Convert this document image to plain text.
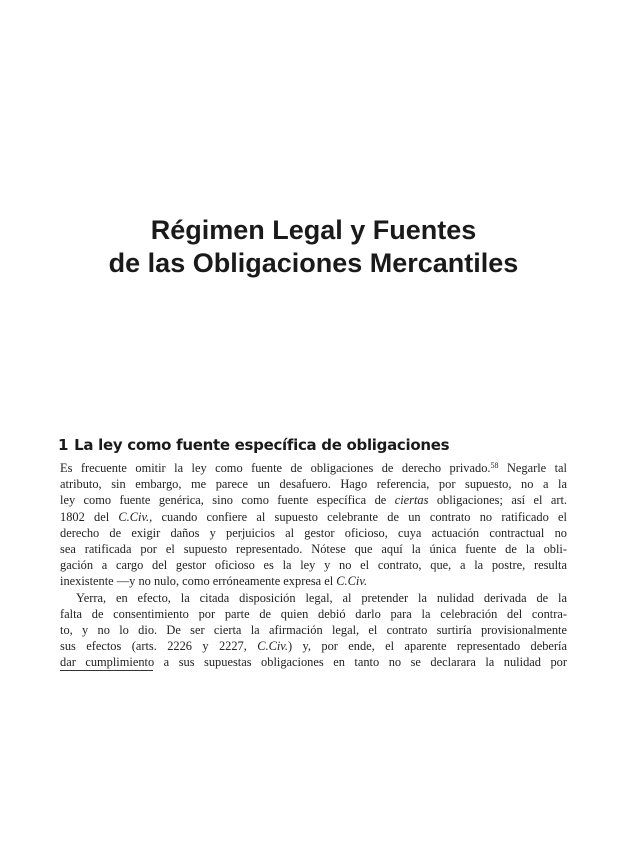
Régimen Legal y Fuentes
de las Obligaciones Mercantiles
1 La ley como fuente específica de obligaciones
Es frecuente omitir la ley como fuente de obligaciones de derecho privado.$^{58}$ Negarle tal
atributo, sin embargo, me parece un desafuero. Hago referencia, por supuesto, no a la
ley como fuente genérica, sino como fuente específica de ciertas obligaciones; así el art.
1802 del C.Civ., cuando confiere al supuesto celebrante de un contrato no ratificado el
derecho de exigir daños y perjuicios al gestor oficioso, cuya actuación contractual no
sea ratificada por el supuesto representado. Nótese que aquí la única fuente de la obli-
gación a cargo del gestor oficioso es la ley y no el contrato, que, a la postre, resulta
inexistente —y no nulo, como erróneamente expresa el C.Civ.
Yerra, en efecto, la citada disposición legal, al pretender la nulidad derivada de la
falta de consentimiento por parte de quien debió darlo para la celebración del contra-
to, y no lo dio. De ser cierta la afirmación legal, el contrato surtiría provisionalmente
sus efectos (arts. 2226 y 2227, C.Civ.) y, por ende, el aparente representado debería
dar cumplimiento a sus supuestas obligaciones en tanto no se declarara la nulidad por
